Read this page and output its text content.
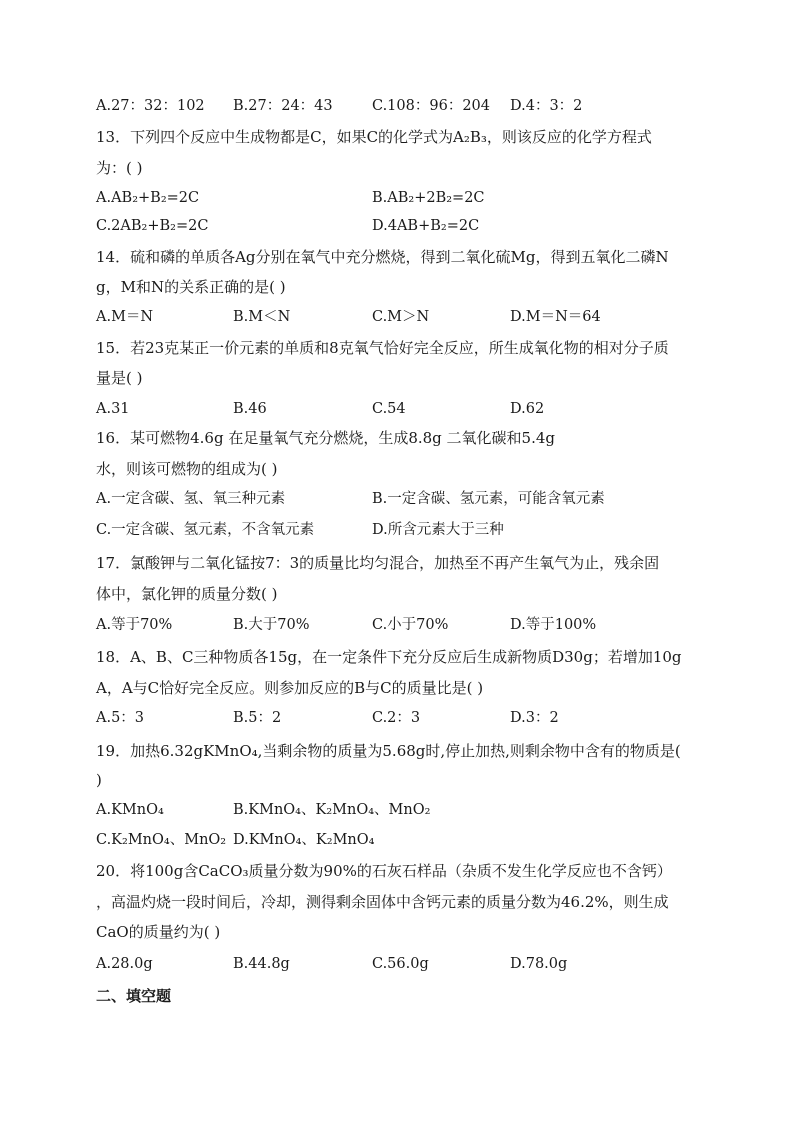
A.27：32：102 B.27：24：43	C.108：96：204 D.4：3：2
13．下列四个反应中生成物都是C，如果C的化学式为A₂B₃，则该反应的化学方程式
为：( )
A.AB₂+B₂=2C	B.AB₂+2B₂=2C
C.2AB₂+B₂=2C	D.4AB+B₂=2C
14．硫和磷的单质各Ag分别在氧气中充分燃烧，得到二氧化硫Mg，得到五氧化二磷N
g，M和N的关系正确的是( )
A.M＝N	B.M＜N	C.M＞N	D.M＝N＝64
15．若23克某正一价元素的单质和8克氧气恰好完全反应，所生成氧化物的相对分子质
量是( )
A.31	B.46	C.54	D.62
16．某可燃物4.6g 在足量氧气充分燃烧，生成8.8g 二氧化碳和5.4g
水，则该可燃物的组成为( )
A.一定含碳、氢、氧三种元素	B.一定含碳、氢元素，可能含氧元素
C.一定含碳、氢元素，不含氧元素	D.所含元素大于三种
17．氯酸钾与二氧化锰按7：3的质量比均匀混合，加热至不再产生氧气为止，残余固
体中，氯化钾的质量分数( )
A.等于70%	B.大于70%	C.小于70%	D.等于100%
18．A、B、C三种物质各15g，在一定条件下充分反应后生成新物质D30g；若增加10g
A，A与C恰好完全反应。则参加反应的B与C的质量比是( )
A.5：3	B.5：2	C.2：3	D.3：2
19．加热6.32gKMnO₄,当剩余物的质量为5.68g时,停止加热,则剩余物中含有的物质是(
)
A.KMnO₄	B.KMnO₄、K₂MnO₄、MnO₂
C.K₂MnO₄、MnO₂ D.KMnO₄、K₂MnO₄
20．将100g含CaCO₃质量分数为90%的石灰石样品（杂质不发生化学反应也不含钙）
，高温灼烧一段时间后，冷却，测得剩余固体中含钙元素的质量分数为46.2%，则生成
CaO的质量约为( )
A.28.0g	B.44.8g	C.56.0g	D.78.0g
二、填空题
